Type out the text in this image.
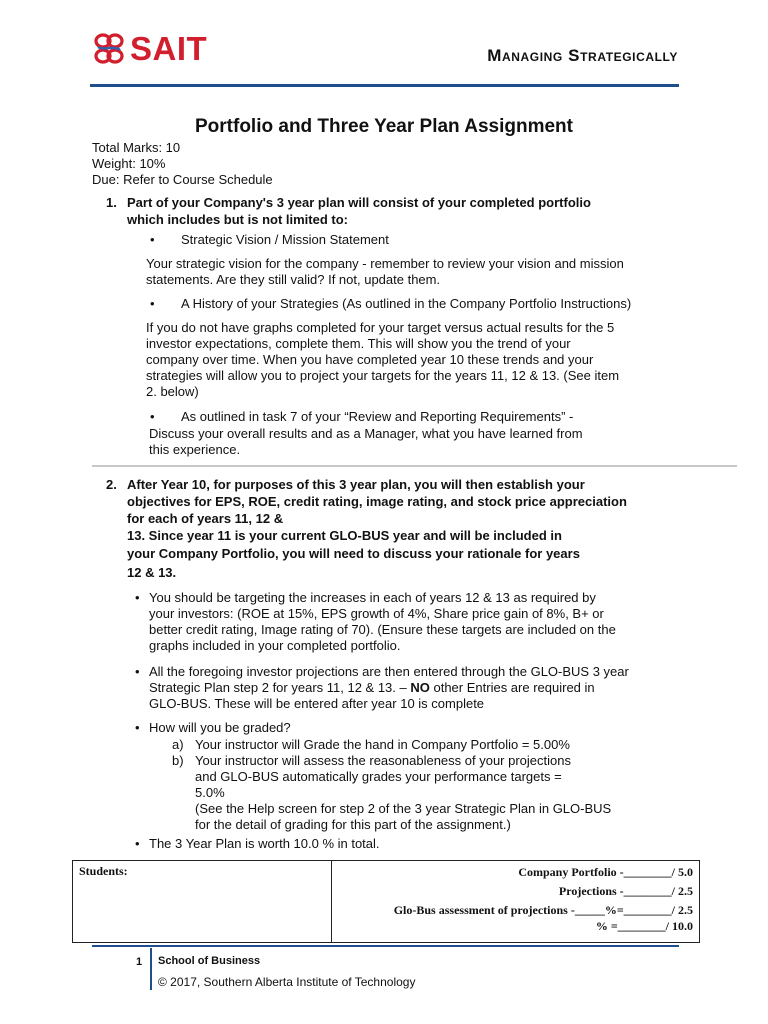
SAIT	Managing Strategically
Portfolio and Three Year Plan Assignment
Total Marks: 10
Weight: 10%
Due: Refer to Course Schedule
1. Part of your Company's 3 year plan will consist of your completed portfolio
which includes but is not limited to:
• Strategic Vision / Mission Statement
Your strategic vision for the company - remember to review your vision and mission
statements. Are they still valid? If not, update them.
• A History of your Strategies (As outlined in the Company Portfolio Instructions)
If you do not have graphs completed for your target versus actual results for the 5
investor expectations, complete them. This will show you the trend of your
company over time. When you have completed year 10 these trends and your
strategies will allow you to project your targets for the years 11, 12 & 13. (See item
2. below)
• As outlined in task 7 of your “Review and Reporting Requirements” -
Discuss your overall results and as a Manager, what you have learned from
this experience.
2. After Year 10, for purposes of this 3 year plan, you will then establish your
objectives for EPS, ROE, credit rating, image rating, and stock price appreciation
for each of years 11, 12 &
13. Since year 11 is your current GLO-BUS year and will be included in
your Company Portfolio, you will need to discuss your rationale for years
12 & 13.
• You should be targeting the increases in each of years 12 & 13 as required by
your investors: (ROE at 15%, EPS growth of 4%, Share price gain of 8%, B+ or
better credit rating, Image rating of 70). (Ensure these targets are included on the
graphs included in your completed portfolio.
• All the foregoing investor projections are then entered through the GLO-BUS 3 year
Strategic Plan step 2 for years 11, 12 & 13. – NO other Entries are required in
GLO-BUS. These will be entered after year 10 is complete
• How will you be graded?
a) Your instructor will Grade the hand in Company Portfolio = 5.00%
b) Your instructor will assess the reasonableness of your projections
and GLO-BUS automatically grades your performance targets =
5.0%
(See the Help screen for step 2 of the 3 year Strategic Plan in GLO-BUS
for the detail of grading for this part of the assignment.)
• The 3 Year Plan is worth 10.0 % in total.
Students:	Company Portfolio -________/ 5.0
Projections -________/ 2.5
Glo-Bus assessment of projections -_____%=________/ 2.5
% =________/ 10.0
1 School of Business
© 2017, Southern Alberta Institute of Technology
